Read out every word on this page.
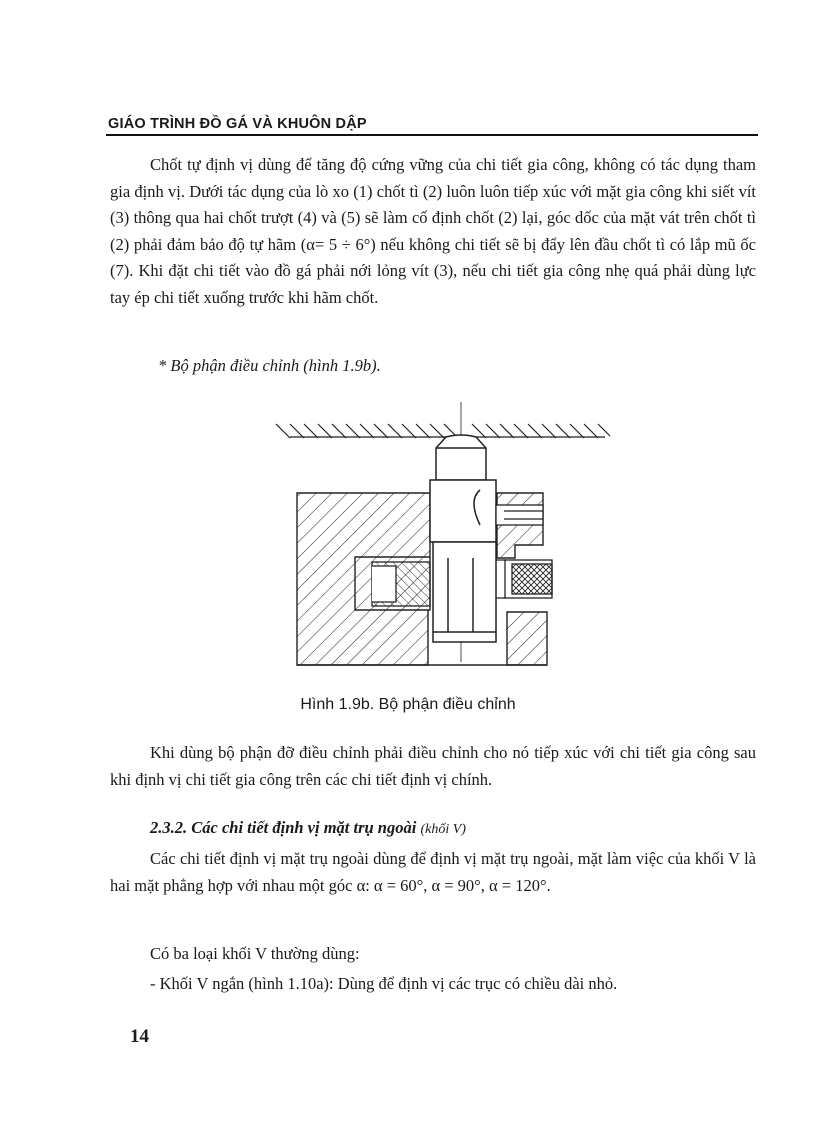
GIÁO TRÌNH ĐỒ GÁ VÀ KHUÔN DẬP
Chốt tự định vị dùng để tăng độ cứng vững của chi tiết gia công, không có tác dụng tham gia định vị. Dưới tác dụng của lò xo (1) chốt tì (2) luôn luôn tiếp xúc với mặt gia công khi siết vít (3) thông qua hai chốt trượt (4) và (5) sẽ làm cố định chốt (2) lại, góc dốc của mặt vát trên chốt tì (2) phải đảm bảo độ tự hãm (α= 5 ÷ 6°) nếu không chi tiết sẽ bị đẩy lên đầu chốt tì có lắp mũ ốc (7). Khi đặt chi tiết vào đồ gá phải nới lỏng vít (3), nếu chi tiết gia công nhẹ quá phải dùng lực tay ép chi tiết xuống trước khi hãm chốt.
* Bộ phận điều chỉnh (hình 1.9b).
Hình 1.9b. Bộ phận điều chỉnh
Khi dùng bộ phận đỡ điều chỉnh phải điều chỉnh cho nó tiếp xúc với chi tiết gia công sau khi định vị chi tiết gia công trên các chi tiết định vị chính.
2.3.2. Các chi tiết định vị mặt trụ ngoài (khối V)
Các chi tiết định vị mặt trụ ngoài dùng để định vị mặt trụ ngoài, mặt làm việc của khối V là hai mặt phẳng hợp với nhau một góc α: α = 60°, α = 90°, α = 120°.
Có ba loại khối V thường dùng:
- Khối V ngắn (hình 1.10a): Dùng để định vị các trục có chiều dài nhỏ.
14
